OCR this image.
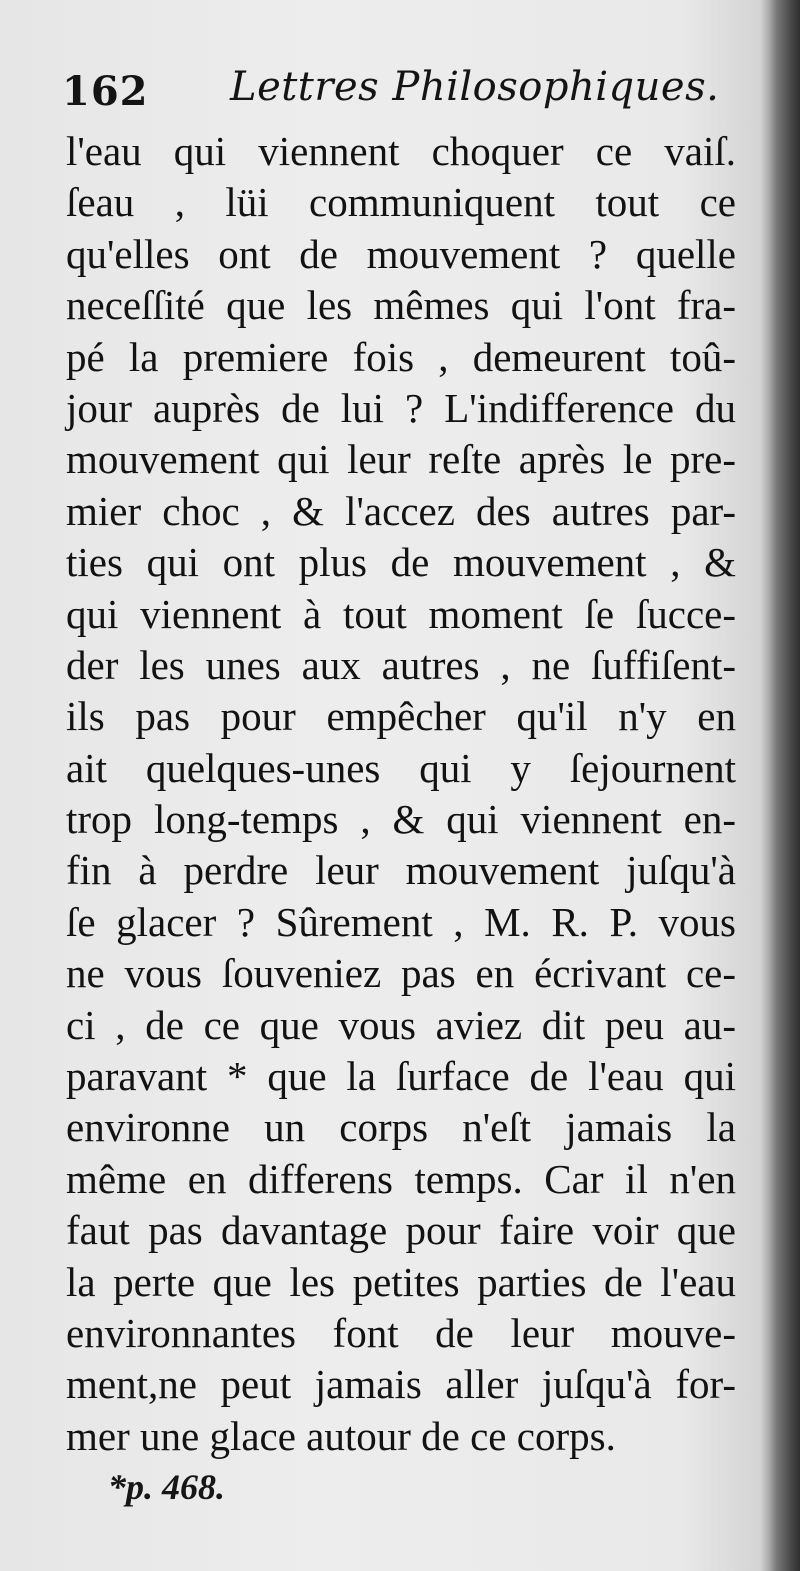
162 Lettres Philosophiques.
l'eau qui viennent choquer ce vaiſ.
ſeau , lüi communiquent tout ce
qu'elles ont de mouvement ? quelle
neceſſité que les mêmes qui l'ont fra-
pé la premiere fois , demeurent toû-
jour auprès de lui ? L'indifference du
mouvement qui leur reſte après le pre-
mier choc , & l'accez des autres par-
ties qui ont plus de mouvement , &
qui viennent à tout moment ſe ſucce-
der les unes aux autres , ne ſuffiſent-
ils pas pour empêcher qu'il n'y en
ait quelques-unes qui y ſejournent
trop long-temps , & qui viennent en-
fin à perdre leur mouvement juſqu'à
ſe glacer ? Sûrement , M. R. P. vous
ne vous ſouveniez pas en écrivant ce-
ci , de ce que vous aviez dit peu au-
paravant * que la ſurface de l'eau qui
environne un corps n'eſt jamais la
même en differens temps. Car il n'en
faut pas davantage pour faire voir que
la perte que les petites parties de l'eau
environnantes font de leur mouve-
ment,ne peut jamais aller juſqu'à for-
mer une glace autour de ce corps.
*p. 468.
